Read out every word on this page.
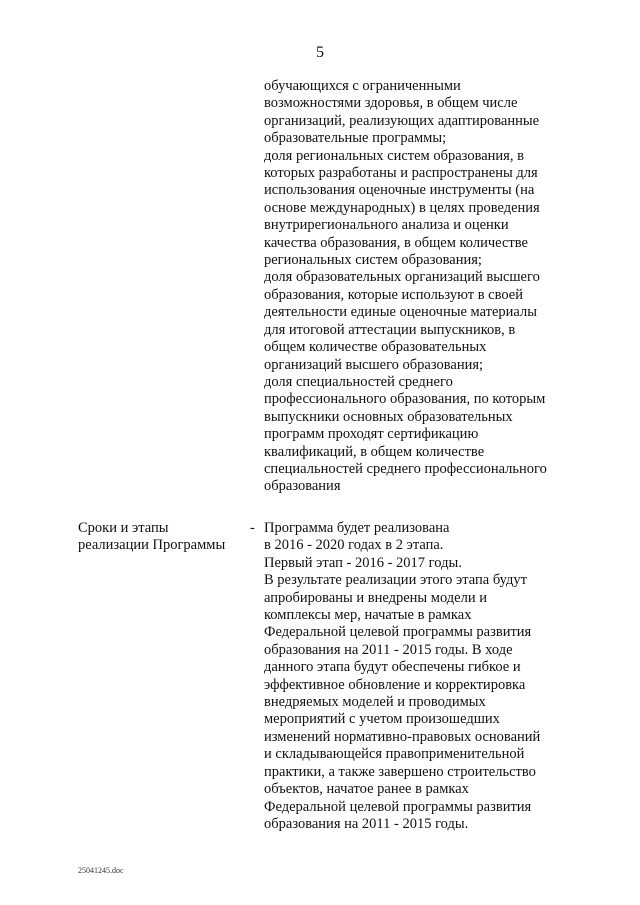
5
обучающихся с ограниченными
возможностями здоровья, в общем числе
организаций, реализующих адаптированные
образовательные программы;
доля региональных систем образования, в
которых разработаны и распространены для
использования оценочные инструменты (на
основе международных) в целях проведения
внутрирегионального анализа и оценки
качества образования, в общем количестве
региональных систем образования;
доля образовательных организаций высшего
образования, которые используют в своей
деятельности единые оценочные материалы
для итоговой аттестации выпускников, в
общем количестве образовательных
организаций высшего образования;
доля специальностей среднего
профессионального образования, по которым
выпускники основных образовательных
программ проходят сертификацию
квалификаций, в общем количестве
специальностей среднего профессионального
образования
Сроки и этапы
реализации Программы
- Программа будет реализована
в 2016 - 2020 годах в 2 этапа.
Первый этап - 2016 - 2017 годы.
В результате реализации этого этапа будут
апробированы и внедрены модели и
комплексы мер, начатые в рамках
Федеральной целевой программы развития
образования на 2011 - 2015 годы. В ходе
данного этапа будут обеспечены гибкое и
эффективное обновление и корректировка
внедряемых моделей и проводимых
мероприятий с учетом произошедших
изменений нормативно-правовых оснований
и складывающейся правоприменительной
практики, а также завершено строительство
объектов, начатое ранее в рамках
Федеральной целевой программы развития
образования на 2011 - 2015 годы.
25041245.doc
